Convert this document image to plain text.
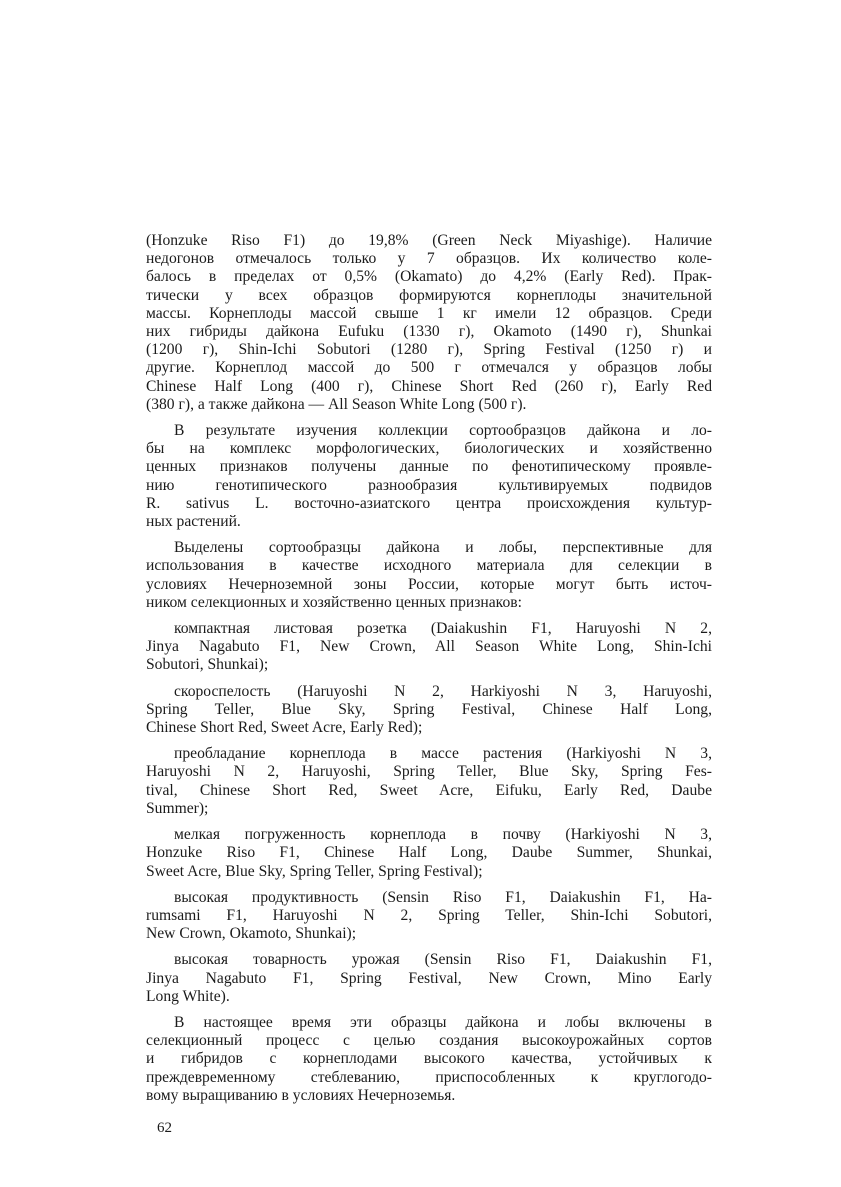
(Honzuke Riso F1) до 19,8% (Green Neck Miyashige). Наличие
недогонов отмечалось только у 7 образцов. Их количество коле-
балось в пределах от 0,5% (Okamato) до 4,2% (Early Red). Прак-
тически у всех образцов формируются корнеплоды значительной
массы. Корнеплоды массой свыше 1 кг имели 12 образцов. Среди
них гибриды дайкона Eufuku (1330 г), Okamoto (1490 г), Shunkai
(1200 г), Shin-Ichi Sobutori (1280 г), Spring Festival (1250 г) и
другие. Корнеплод массой до 500 г отмечался у образцов лобы
Chinese Half Long (400 г), Chinese Short Red (260 г), Early Red
(380 г), а также дайкона — All Season White Long (500 г).

В результате изучения коллекции сортообразцов дайкона и ло-
бы на комплекс морфологических, биологических и хозяйственно
ценных признаков получены данные по фенотипическому проявле-
нию генотипического разнообразия культивируемых подвидов
R. sativus L. восточно-азиатского центра происхождения культур-
ных растений.

Выделены сортообразцы дайкона и лобы, перспективные для
использования в качестве исходного материала для селекции в
условиях Нечерноземной зоны России, которые могут быть источ-
ником селекционных и хозяйственно ценных признаков:

компактная листовая розетка (Daiakushin F1, Haruyoshi N 2,
Jinya Nagabuto F1, New Crown, All Season White Long, Shin-Ichi
Sobutori, Shunkai);

скороспелость (Haruyoshi N 2, Harkiyoshi N 3, Haruyoshi,
Spring Teller, Blue Sky, Spring Festival, Chinese Half Long,
Chinese Short Red, Sweet Acre, Early Red);

преобладание корнеплода в массе растения (Harkiyoshi N 3,
Haruyoshi N 2, Haruyoshi, Spring Teller, Blue Sky, Spring Fes-
tival, Chinese Short Red, Sweet Acre, Eifuku, Early Red, Daube
Summer);

мелкая погруженность корнеплода в почву (Harkiyoshi N 3,
Honzuke Riso F1, Chinese Half Long, Daube Summer, Shunkai,
Sweet Acre, Blue Sky, Spring Teller, Spring Festival);

высокая продуктивность (Sensin Riso F1, Daiakushin F1, Ha-
rumsami F1, Haruyoshi N 2, Spring Teller, Shin-Ichi Sobutori,
New Crown, Okamoto, Shunkai);

высокая товарность урожая (Sensin Riso F1, Daiakushin F1,
Jinya Nagabuto F1, Spring Festival, New Crown, Mino Early
Long White).

В настоящее время эти образцы дайкона и лобы включены в
селекционный процесс с целью создания высокоурожайных сортов
и гибридов с корнеплодами высокого качества, устойчивых к
преждевременному стеблеванию, приспособленных к круглогодо-
вому выращиванию в условиях Нечерноземья.

62
